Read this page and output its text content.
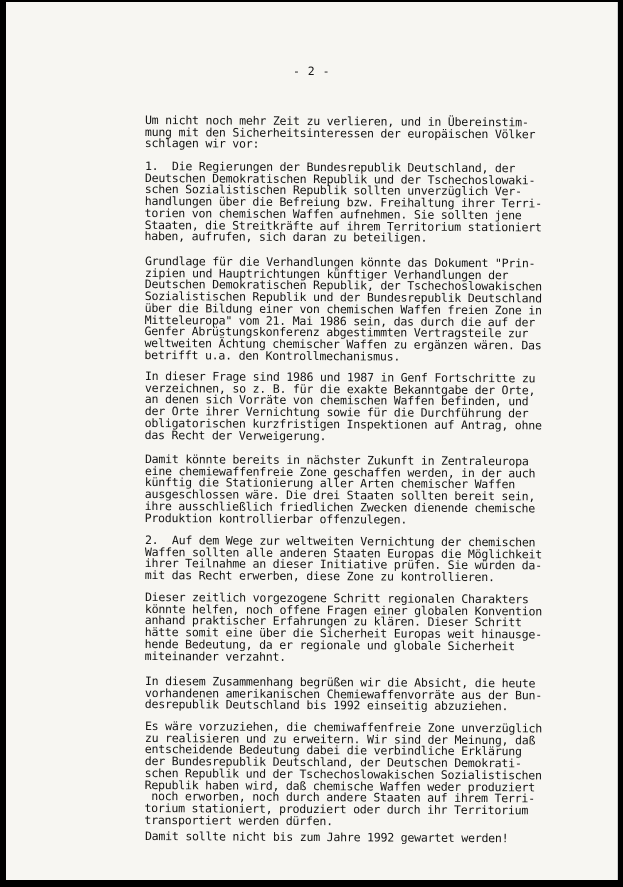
- 2 -

Um nicht noch mehr Zeit zu verlieren, und in Übereinstim-
mung mit den Sicherheitsinteressen der europäischen Völker
schlagen wir vor:

1.  Die Regierungen der Bundesrepublik Deutschland, der
Deutschen Demokratischen Republik und der Tschechoslowaki-
schen Sozialistischen Republik sollten unverzüglich Ver-
handlungen über die Befreiung bzw. Freihaltung ihrer Terri-
torien von chemischen Waffen aufnehmen. Sie sollten jene
Staaten, die Streitkräfte auf ihrem Territorium stationiert
haben, aufrufen, sich daran zu beteiligen.

Grundlage für die Verhandlungen könnte das Dokument "Prin-
zipien und Hauptrichtungen künftiger Verhandlungen der
Deutschen Demokratischen Republik, der Tschechoslowakischen
Sozialistischen Republik und der Bundesrepublik Deutschland
über die Bildung einer von chemischen Waffen freien Zone in
Mitteleuropa" vom 21. Mai 1986 sein, das durch die auf der
Genfer Abrüstungskonferenz abgestimmten Vertragsteile zur
weltweiten Ächtung chemischer Waffen zu ergänzen wären. Das
betrifft u.a. den Kontrollmechanismus.

In dieser Frage sind 1986 und 1987 in Genf Fortschritte zu
verzeichnen, so z. B. für die exakte Bekanntgabe der Orte,
an denen sich Vorräte von chemischen Waffen befinden, und
der Orte ihrer Vernichtung sowie für die Durchführung der
obligatorischen kurzfristigen Inspektionen auf Antrag, ohne
das Recht der Verweigerung.

Damit könnte bereits in nächster Zukunft in Zentraleuropa
eine chemiewaffenfreie Zone geschaffen werden, in der auch
künftig die Stationierung aller Arten chemischer Waffen
ausgeschlossen wäre. Die drei Staaten sollten bereit sein,
ihre ausschließlich friedlichen Zwecken dienende chemische
Produktion kontrollierbar offenzulegen.

2.  Auf dem Wege zur weltweiten Vernichtung der chemischen
Waffen sollten alle anderen Staaten Europas die Möglichkeit
ihrer Teilnahme an dieser Initiative prüfen. Sie würden da-
mit das Recht erwerben, diese Zone zu kontrollieren.

Dieser zeitlich vorgezogene Schritt regionalen Charakters
könnte helfen, noch offene Fragen einer globalen Konvention
anhand praktischer Erfahrungen zu klären. Dieser Schritt
hätte somit eine über die Sicherheit Europas weit hinausge-
hende Bedeutung, da er regionale und globale Sicherheit
miteinander verzahnt.

In diesem Zusammenhang begrüßen wir die Absicht, die heute
vorhandenen amerikanischen Chemiewaffenvorräte aus der Bun-
desrepublik Deutschland bis 1992 einseitig abzuziehen.

Es wäre vorzuziehen, die chemiwaffenfreie Zone unverzüglich
zu realisieren und zu erweitern. Wir sind der Meinung, daß
entscheidende Bedeutung dabei die verbindliche Erklärung
der Bundesrepublik Deutschland, der Deutschen Demokrati-
schen Republik und der Tschechoslowakischen Sozialistischen
Republik haben wird, daß chemische Waffen weder produziert
noch erworben, noch durch andere Staaten auf ihrem Terri-
torium stationiert, produziert oder durch ihr Territorium
transportiert werden dürfen.

Damit sollte nicht bis zum Jahre 1992 gewartet werden!
